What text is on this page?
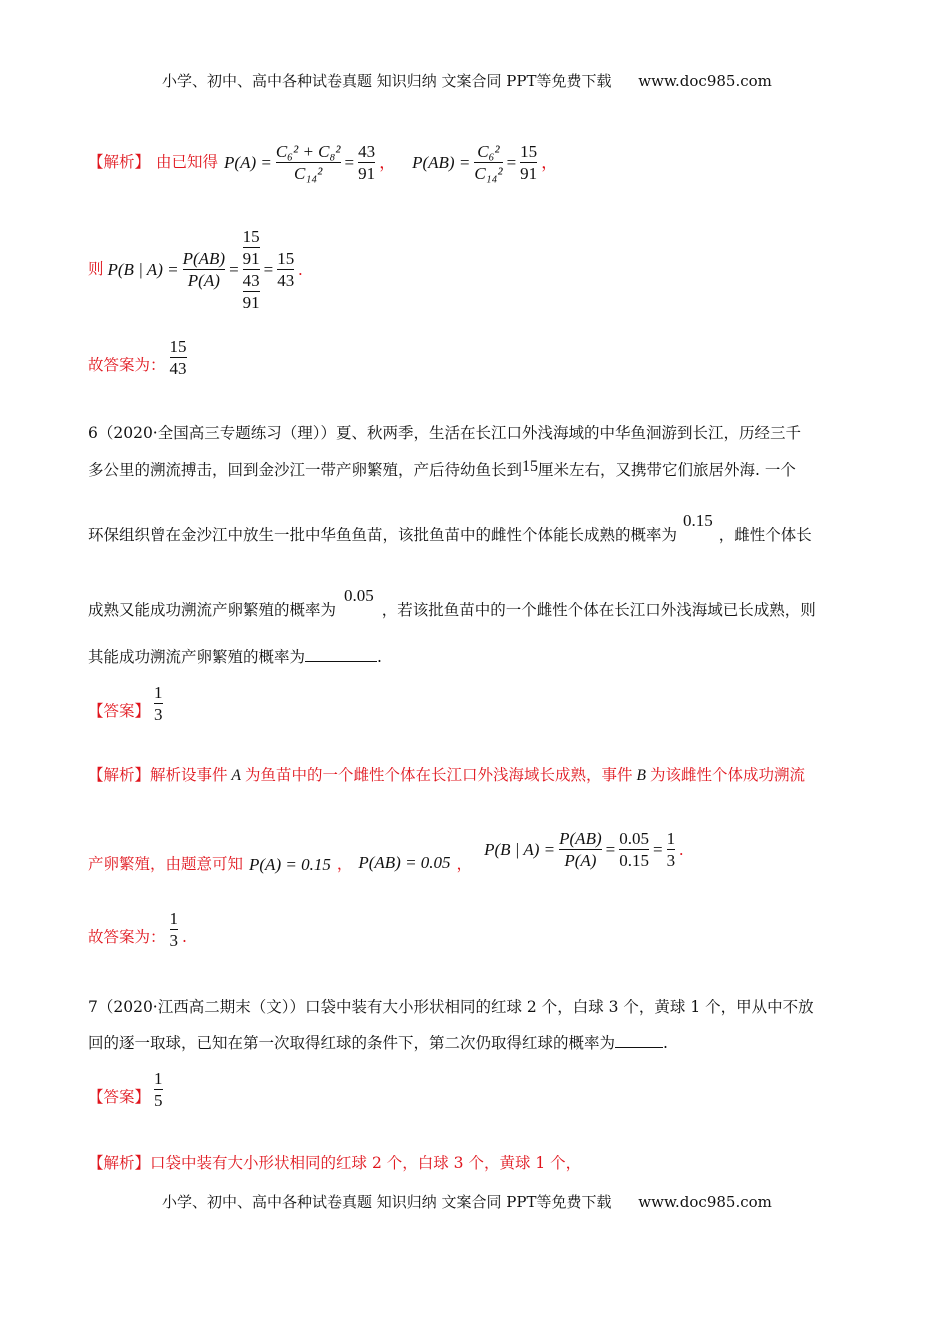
小学、初中、高中各种试卷真题 知识归纳 文案合同 PPT等免费下载 www.doc985.com
【解析】 由已知得 $P(A) = \frac{\text{C₆² + C₈²}}{\text{C₁₄²}} = \frac{43}{91}$ ， $P(AB) = \frac{\text{C₆²}}{\text{C₁₄²}} = \frac{15}{91}$ ，
则 P(B | $A) = \frac{P(AB)}{P(A)} = \frac{\frac{15}{91}}{\frac{43}{91}} = \frac{15}{43}$ .
故答案为： $\frac{15}{43}$
6（2020·全国高三专题练习（理））夏、秋两季，生活在长江口外浅海域的中华鱼洄游到长江，历经三千
多公里的溯流搏击，回到金沙江一带产卵繁殖，产后待幼鱼长到15厘米左右，又携带它们旅居外海. 一个
环保组织曾在金沙江中放生一批中华鱼鱼苗，该批鱼苗中的雌性个体能长成熟的概率为0.15，雌性个体长
成熟又能成功溯流产卵繁殖的概率为0.05，若该批鱼苗中的一个雌性个体在长江口外浅海域已长成熟，则
其能成功溯流产卵繁殖的概率为	.
【答案】 $\frac{1}{3}$
【解析】解析设事件 A 为鱼苗中的一个雌性个体在长江口外浅海域长成熟，事件 B 为该雌性个体成功溯流
产卵繁殖，由题意可知 P(A) = 0.15 ， P(AB) = 0.05 ，
P(B | $A) = \frac{P(AB)}{P(A)} = \frac{0.05}{0.15} = \frac{1}{3}$ .
故答案为： $\frac{1}{3}$ .
7（2020·江西高二期末（文））口袋中装有大小形状相同的红球 2 个，白球 3 个，黄球 1 个，甲从中不放
回的逐一取球，已知在第一次取得红球的条件下，第二次仍取得红球的概率为	.
【答案】 $\frac{1}{5}$
【解析】口袋中装有大小形状相同的红球 2 个，白球 3 个，黄球 1 个，
小学、初中、高中各种试卷真题 知识归纳 文案合同 PPT等免费下载 www.doc985.com
